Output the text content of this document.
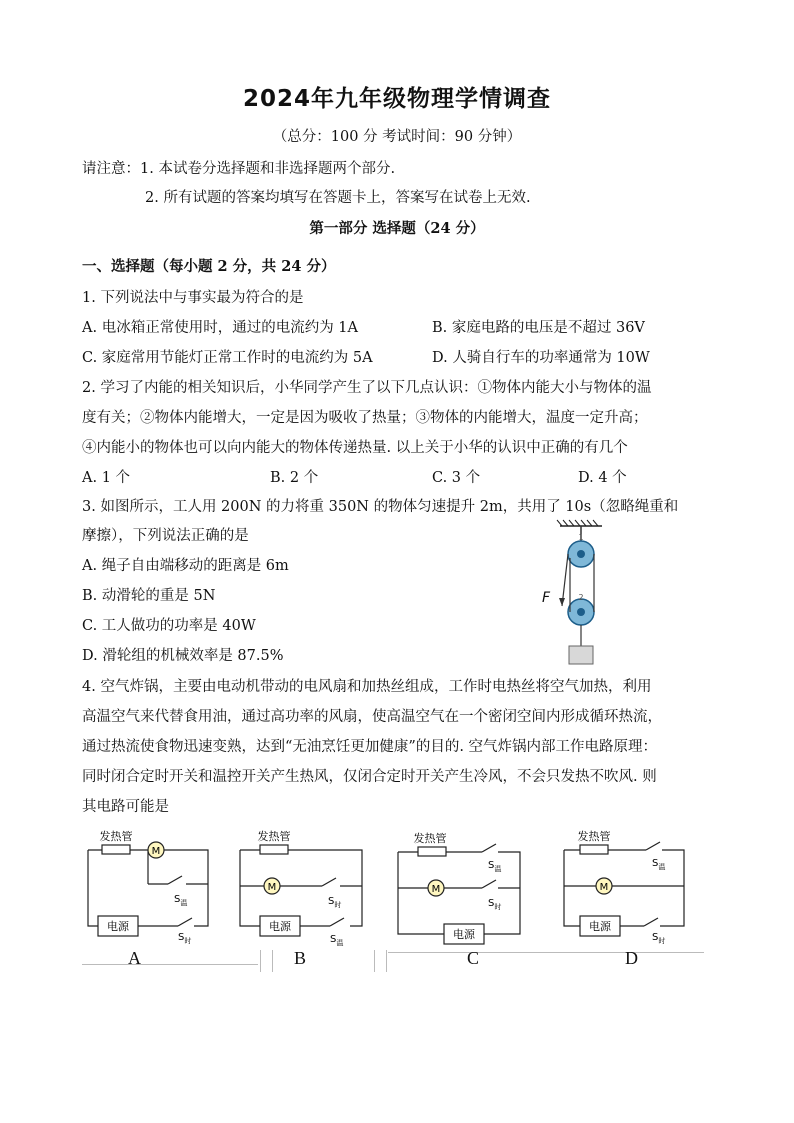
2024年九年级物理学情调查
（总分：100 分 考试时间：90 分钟）
请注意：1. 本试卷分选择题和非选择题两个部分.
2. 所有试题的答案均填写在答题卡上，答案写在试卷上无效.
第一部分 选择题（24 分）
一、选择题（每小题 2 分，共 24 分）
1. 下列说法中与事实最为符合的是
A. 电冰箱正常使用时，通过的电流约为 1A	B. 家庭电路的电压是不超过 36V
C. 家庭常用节能灯正常工作时的电流约为 5A	D. 人骑自行车的功率通常为 10W
2. 学习了内能的相关知识后，小华同学产生了以下几点认识：①物体内能大小与物体的温
度有关；②物体内能增大，一定是因为吸收了热量；③物体的内能增大，温度一定升高；
④内能小的物体也可以向内能大的物体传递热量. 以上关于小华的认识中正确的有几个
A. 1 个	B. 2 个	C. 3 个	D. 4 个
3. 如图所示，工人用 200N 的力将重 350N 的物体匀速提升 2m，共用了 10s（忽略绳重和
摩擦），下列说法正确的是
A. 绳子自由端移动的距离是 6m
B. 动滑轮的重是 5N
C. 工人做功的功率是 40W
D. 滑轮组的机械效率是 87.5%
1
2
F
4. 空气炸锅，主要由电动机带动的电风扇和加热丝组成，工作时电热丝将空气加热，利用
高温空气来代替食用油，通过高功率的风扇，使高温空气在一个密闭空间内形成循环热流，
通过热流使食物迅速变熟，达到“无油烹饪更加健康”的目的. 空气炸锅内部工作电路原理：
同时闭合定时开关和温控开关产生热风，仅闭合定时开关产生冷风，不会只发热不吹风. 则
其电路可能是
M
电源
发热管
$S_温$
$S_时$
M
电源
发热管
$S_时$
$S_温$
M
电源
发热管
$S_温$
$S_时$
M
电源
发热管
$S_温$
$S_时$
A	B	C	D
